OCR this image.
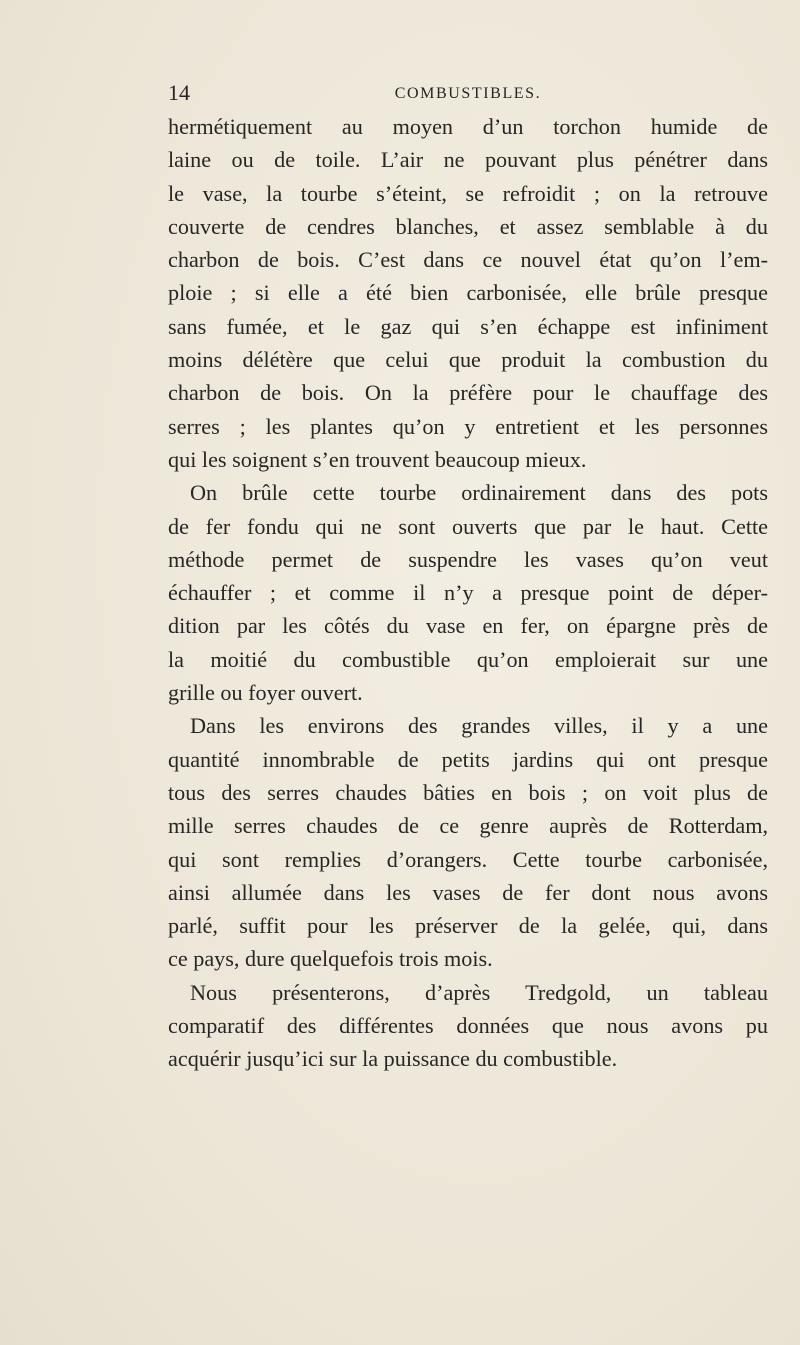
14	COMBUSTIBLES.
hermétiquement au moyen d’un torchon humide de
laine ou de toile. L’air ne pouvant plus pénétrer dans
le vase, la tourbe s’éteint, se refroidit ; on la retrouve
couverte de cendres blanches, et assez semblable à du
charbon de bois. C’est dans ce nouvel état qu’on l’em-
ploie ; si elle a été bien carbonisée, elle brûle presque
sans fumée, et le gaz qui s’en échappe est infiniment
moins délétère que celui que produit la combustion du
charbon de bois. On la préfère pour le chauffage des
serres ; les plantes qu’on y entretient et les personnes
qui les soignent s’en trouvent beaucoup mieux.
On brûle cette tourbe ordinairement dans des pots
de fer fondu qui ne sont ouverts que par le haut. Cette
méthode permet de suspendre les vases qu’on veut
échauffer ; et comme il n’y a presque point de déper-
dition par les côtés du vase en fer, on épargne près de
la moitié du combustible qu’on emploierait sur une
grille ou foyer ouvert.
Dans les environs des grandes villes, il y a une
quantité innombrable de petits jardins qui ont presque
tous des serres chaudes bâties en bois ; on voit plus de
mille serres chaudes de ce genre auprès de Rotterdam,
qui sont remplies d’orangers. Cette tourbe carbonisée,
ainsi allumée dans les vases de fer dont nous avons
parlé, suffit pour les préserver de la gelée, qui, dans
ce pays, dure quelquefois trois mois.
Nous présenterons, d’après Tredgold, un tableau
comparatif des différentes données que nous avons pu
acquérir jusqu’ici sur la puissance du combustible.
